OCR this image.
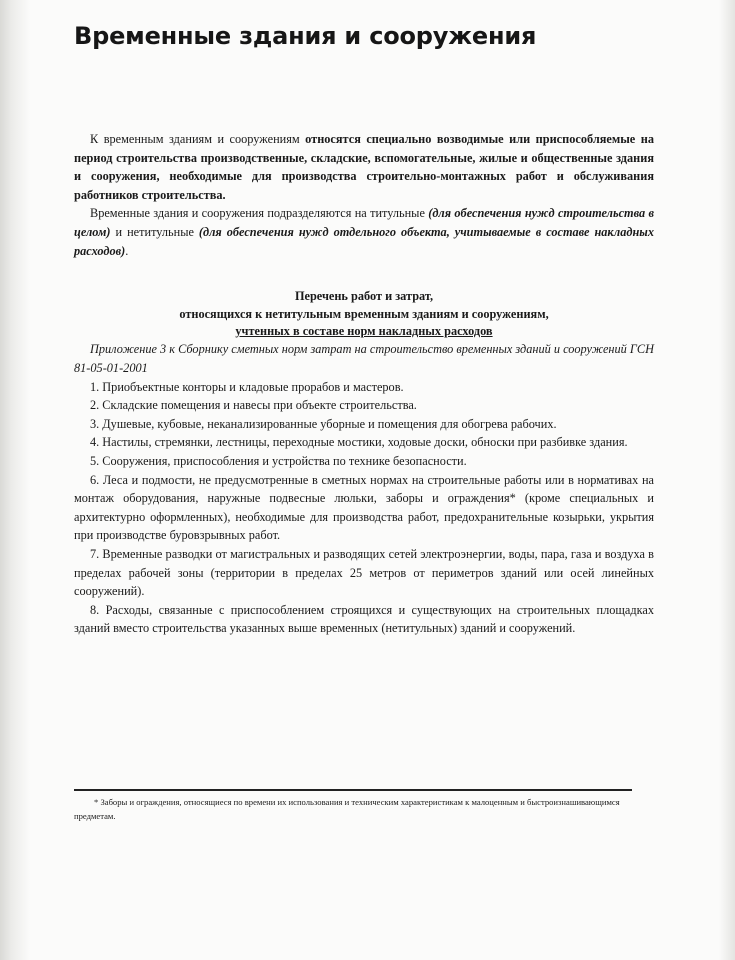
Временные здания и сооружения

К временным зданиям и сооружениям относятся специально возводимые или приспособляемые на период строительства производственные, складские, вспомогательные, жилые и общественные здания и сооружения, необходимые для производства строительно-монтажных работ и обслуживания работников строительства.

Временные здания и сооружения подразделяются на титульные (для обеспечения нужд строительства в целом) и нетитульные (для обеспечения нужд отдельного объекта, учитываемые в составе накладных расходов).

Перечень работ и затрат,
относящихся к нетитульным временным зданиям и сооружениям,
учтенных в составе норм накладных расходов

Приложение 3 к Сборнику сметных норм затрат на строительство временных зданий и сооружений ГСН 81-05-01-2001

1. Приобъектные конторы и кладовые прорабов и мастеров.

2. Складские помещения и навесы при объекте строительства.

3. Душевые, кубовые, неканализированные уборные и помещения для обогрева рабочих.

4. Настилы, стремянки, лестницы, переходные мостики, ходовые доски, обноски при разбивке здания.

5. Сооружения, приспособления и устройства по технике безопасности.

6. Леса и подмости, не предусмотренные в сметных нормах на строительные работы или в нормативах на монтаж оборудования, наружные подвесные люльки, заборы и ограждения* (кроме специальных и архитектурно оформленных), необходимые для производства работ, предохранительные козырьки, укрытия при производстве буровзрывных работ.

7. Временные разводки от магистральных и разводящих сетей электроэнергии, воды, пара, газа и воздуха в пределах рабочей зоны (территории в пределах 25 метров от периметров зданий или осей линейных сооружений).

8. Расходы, связанные с приспособлением строящихся и существующих на строительных площадках зданий вместо строительства указанных выше временных (нетитульных) зданий и сооружений.

* Заборы и ограждения, относящиеся по времени их использования и техническим характеристикам к малоценным и быстроизнашивающимся предметам.
